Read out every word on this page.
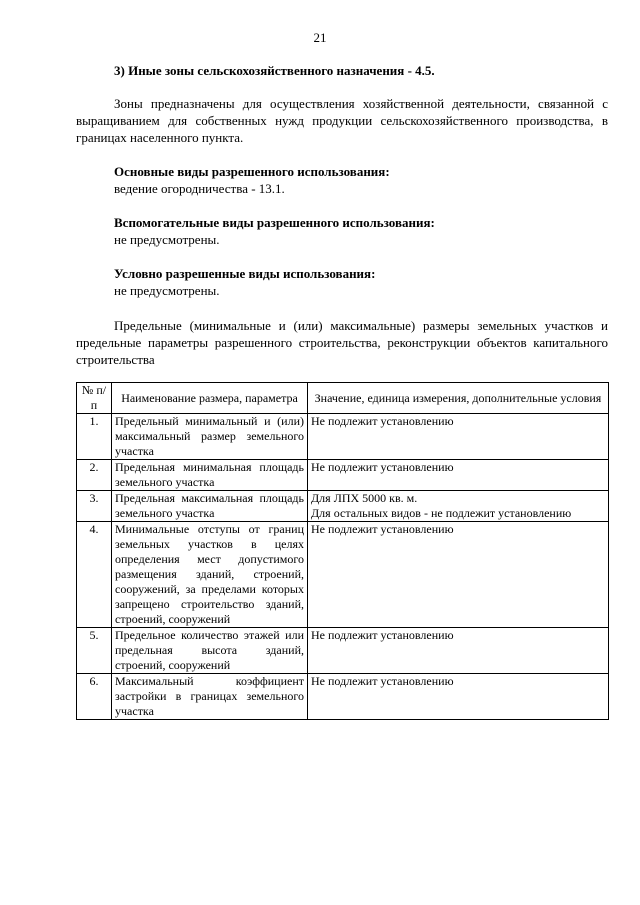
21

3) Иные зоны сельскохозяйственного назначения - 4.5.

Зоны предназначены для осуществления хозяйственной деятельности, связанной с выращиванием для собственных нужд продукции сельскохозяйственного производства, в границах населенного пункта.

Основные виды разрешенного использования:

ведение огородничества - 13.1.

Вспомогательные виды разрешенного использования:

не предусмотрены.

Условно разрешенные виды использования:

не предусмотрены.

Предельные (минимальные и (или) максимальные) размеры земельных участков и предельные параметры разрешенного строительства, реконструкции объектов капитального строительства

№ п/п	Наименование размера, параметра	Значение, единица измерения, дополнительные условия
1.	Предельный минимальный и (или) максимальный размер земельного участка	Не подлежит установлению
2.	Предельная минимальная площадь земельного участка	Не подлежит установлению
3.	Предельная максимальная площадь земельного участка	Для ЛПХ 5000 кв. м.
Для остальных видов - не подлежит установлению

4.	Минимальные отступы от границ земельных участков в целях определения мест допустимого размещения зданий, строений, сооружений, за пределами которых запрещено строительство зданий, строений, сооружений	Не подлежит установлению
5.	Предельное количество этажей или предельная высота зданий, строений, сооружений	Не подлежит установлению
6.	Максимальный коэффициент застройки в границах земельного участка	Не подлежит установлению
